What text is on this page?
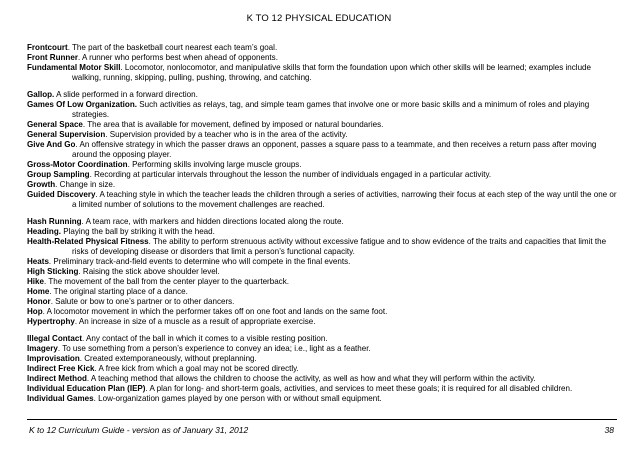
K TO 12 PHYSICAL EDUCATION
Frontcourt. The part of the basketball court nearest each team’s goal.
Front Runner. A runner who performs best when ahead of opponents.
Fundamental Motor Skill. Locomotor, nonlocomotor, and manipulative skills that form the foundation upon which other skills will be learned; examples include walking, running, skipping, pulling, pushing, throwing, and catching.
Gallop. A slide performed in a forward direction.
Games Of Low Organization. Such activities as relays, tag, and simple team games that involve one or more basic skills and a minimum of roles and playing strategies.
General Space. The area that is available for movement, defined by imposed or natural boundaries.
General Supervision. Supervision provided by a teacher who is in the area of the activity.
Give And Go. An offensive strategy in which the passer draws an opponent, passes a square pass to a teammate, and then receives a return pass after moving around the opposing player.
Gross-Motor Coordination. Performing skills involving large muscle groups.
Group Sampling. Recording at particular intervals throughout the lesson the number of individuals engaged in a particular activity.
Growth. Change in size.
Guided Discovery. A teaching style in which the teacher leads the children through a series of activities, narrowing their focus at each step of the way until the one or a limited number of solutions to the movement challenges are reached.
Hash Running. A team race, with markers and hidden directions located along the route.
Heading. Playing the ball by striking it with the head.
Health-Related Physical Fitness. The ability to perform strenuous activity without excessive fatigue and to show evidence of the traits and capacities that limit the risks of developing disease or disorders that limit a person’s functional capacity.
Heats. Preliminary track-and-field events to determine who will compete in the final events.
High Sticking. Raising the stick above shoulder level.
Hike. The movement of the ball from the center player to the quarterback.
Home. The original starting place of a dance.
Honor. Salute or bow to one’s partner or to other dancers.
Hop. A locomotor movement in which the performer takes off on one foot and lands on the same foot.
Hypertrophy. An increase in size of a muscle as a result of appropriate exercise.
Illegal Contact. Any contact of the ball in which it comes to a visible resting position.
Imagery. To use something from a person’s experience to convey an idea; i.e., light as a feather.
Improvisation. Created extemporaneously, without preplanning.
Indirect Free Kick. A free kick from which a goal may not be scored directly.
Indirect Method. A teaching method that allows the children to choose the activity, as well as how and what they will perform within the activity.
Individual Education Plan (IEP). A plan for long- and short-term goals, activities, and services to meet these goals; it is required for all disabled children.
Individual Games. Low-organization games played by one person with or without small equipment.
K to 12 Curriculum Guide - version as of January 31, 2012	38
